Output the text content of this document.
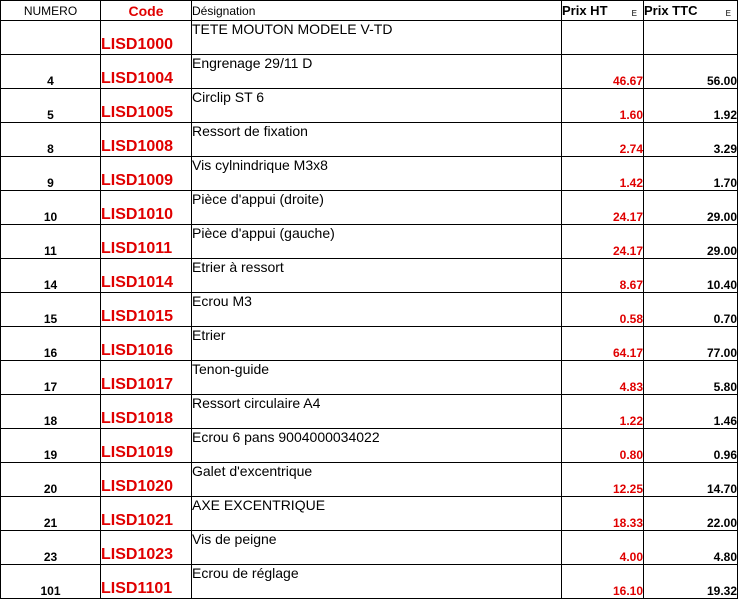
NUMERO	Code	Désignation	Prix HT E	Prix TTC E

	LISD1000	TETE MOUTON MODELE V-TD		
4	LISD1004	Engrenage 29/11 D	46.67	56.00
5	LISD1005	Circlip ST 6	1.60	1.92
8	LISD1008	Ressort de fixation	2.74	3.29
9	LISD1009	Vis cylnindrique M3x8	1.42	1.70
10	LISD1010	Pièce d'appui (droite)	24.17	29.00
11	LISD1011	Pièce d'appui (gauche)	24.17	29.00
14	LISD1014	Etrier à ressort	8.67	10.40
15	LISD1015	Ecrou M3	0.58	0.70
16	LISD1016	Etrier	64.17	77.00
17	LISD1017	Tenon-guide	4.83	5.80
18	LISD1018	Ressort circulaire A4	1.22	1.46
19	LISD1019	Ecrou 6 pans 9004000034022	0.80	0.96
20	LISD1020	Galet d'excentrique	12.25	14.70
21	LISD1021	AXE EXCENTRIQUE	18.33	22.00
23	LISD1023	Vis de peigne	4.00	4.80
101	LISD1101	Ecrou de réglage	16.10	19.32
